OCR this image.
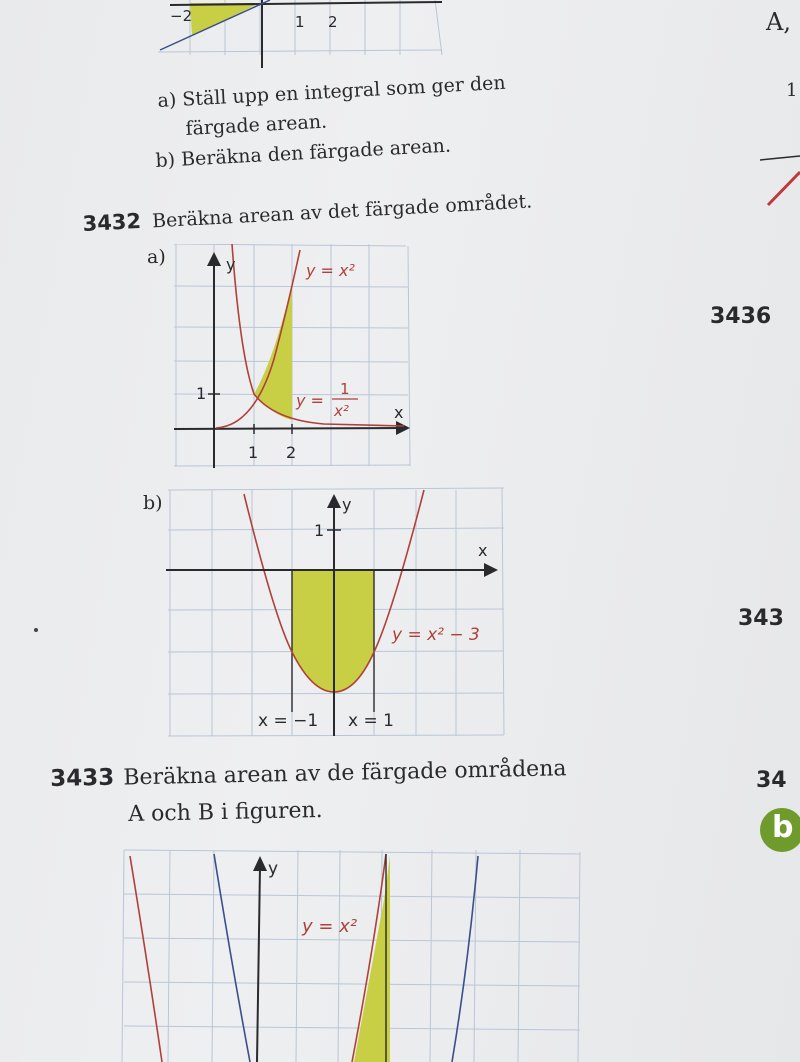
−2	1 2	A,
1
3436
343
34
b
a) Ställ upp en integral som ger den
färgade arean.
b) Beräkna den färgade arean.
3432 Beräkna arean av det färgade området.
a)	y
x
1
1 2
y = x²
y =
1
x²
b)	y
x
1
y = x² − 3
x = −1 x = 1
3433 Beräkna arean av de färgade områdena
A och B i figuren.
y
y = x²
